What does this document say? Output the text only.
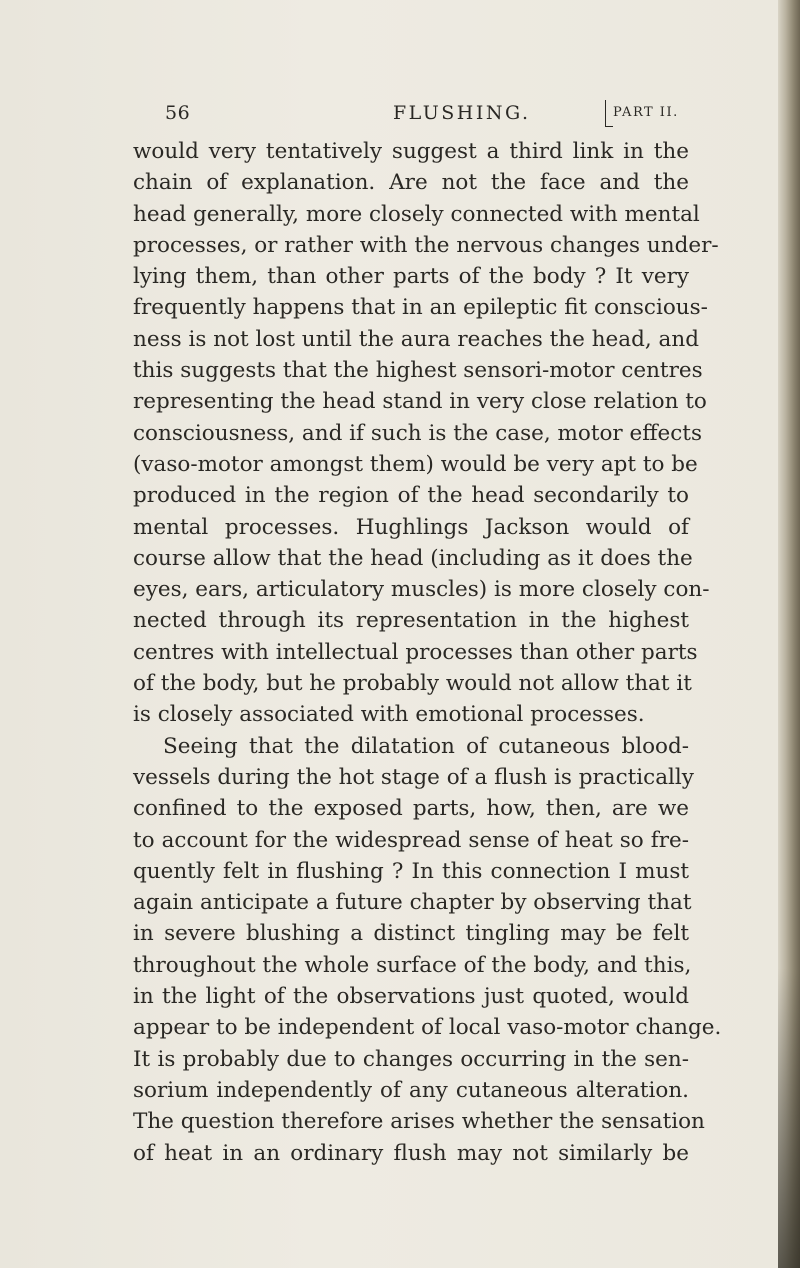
56	FLUSHING.	PART II.
would very tentatively suggest a third link in the
chain of explanation. Are not the face and the
head generally, more closely connected with mental
processes, or rather with the nervous changes under-
lying them, than other parts of the body ? It very
frequently happens that in an epileptic fit conscious-
ness is not lost until the aura reaches the head, and
this suggests that the highest sensori-motor centres
representing the head stand in very close relation to
consciousness, and if such is the case, motor effects
(vaso-motor amongst them) would be very apt to be
produced in the region of the head secondarily to
mental processes. Hughlings Jackson would of
course allow that the head (including as it does the
eyes, ears, articulatory muscles) is more closely con-
nected through its representation in the highest
centres with intellectual processes than other parts
of the body, but he probably would not allow that it
is closely associated with emotional processes.
Seeing that the dilatation of cutaneous blood-
vessels during the hot stage of a flush is practically
confined to the exposed parts, how, then, are we
to account for the widespread sense of heat so fre-
quently felt in flushing ? In this connection I must
again anticipate a future chapter by observing that
in severe blushing a distinct tingling may be felt
throughout the whole surface of the body, and this,
in the light of the observations just quoted, would
appear to be independent of local vaso-motor change.
It is probably due to changes occurring in the sen-
sorium independently of any cutaneous alteration.
The question therefore arises whether the sensation
of heat in an ordinary flush may not similarly be
